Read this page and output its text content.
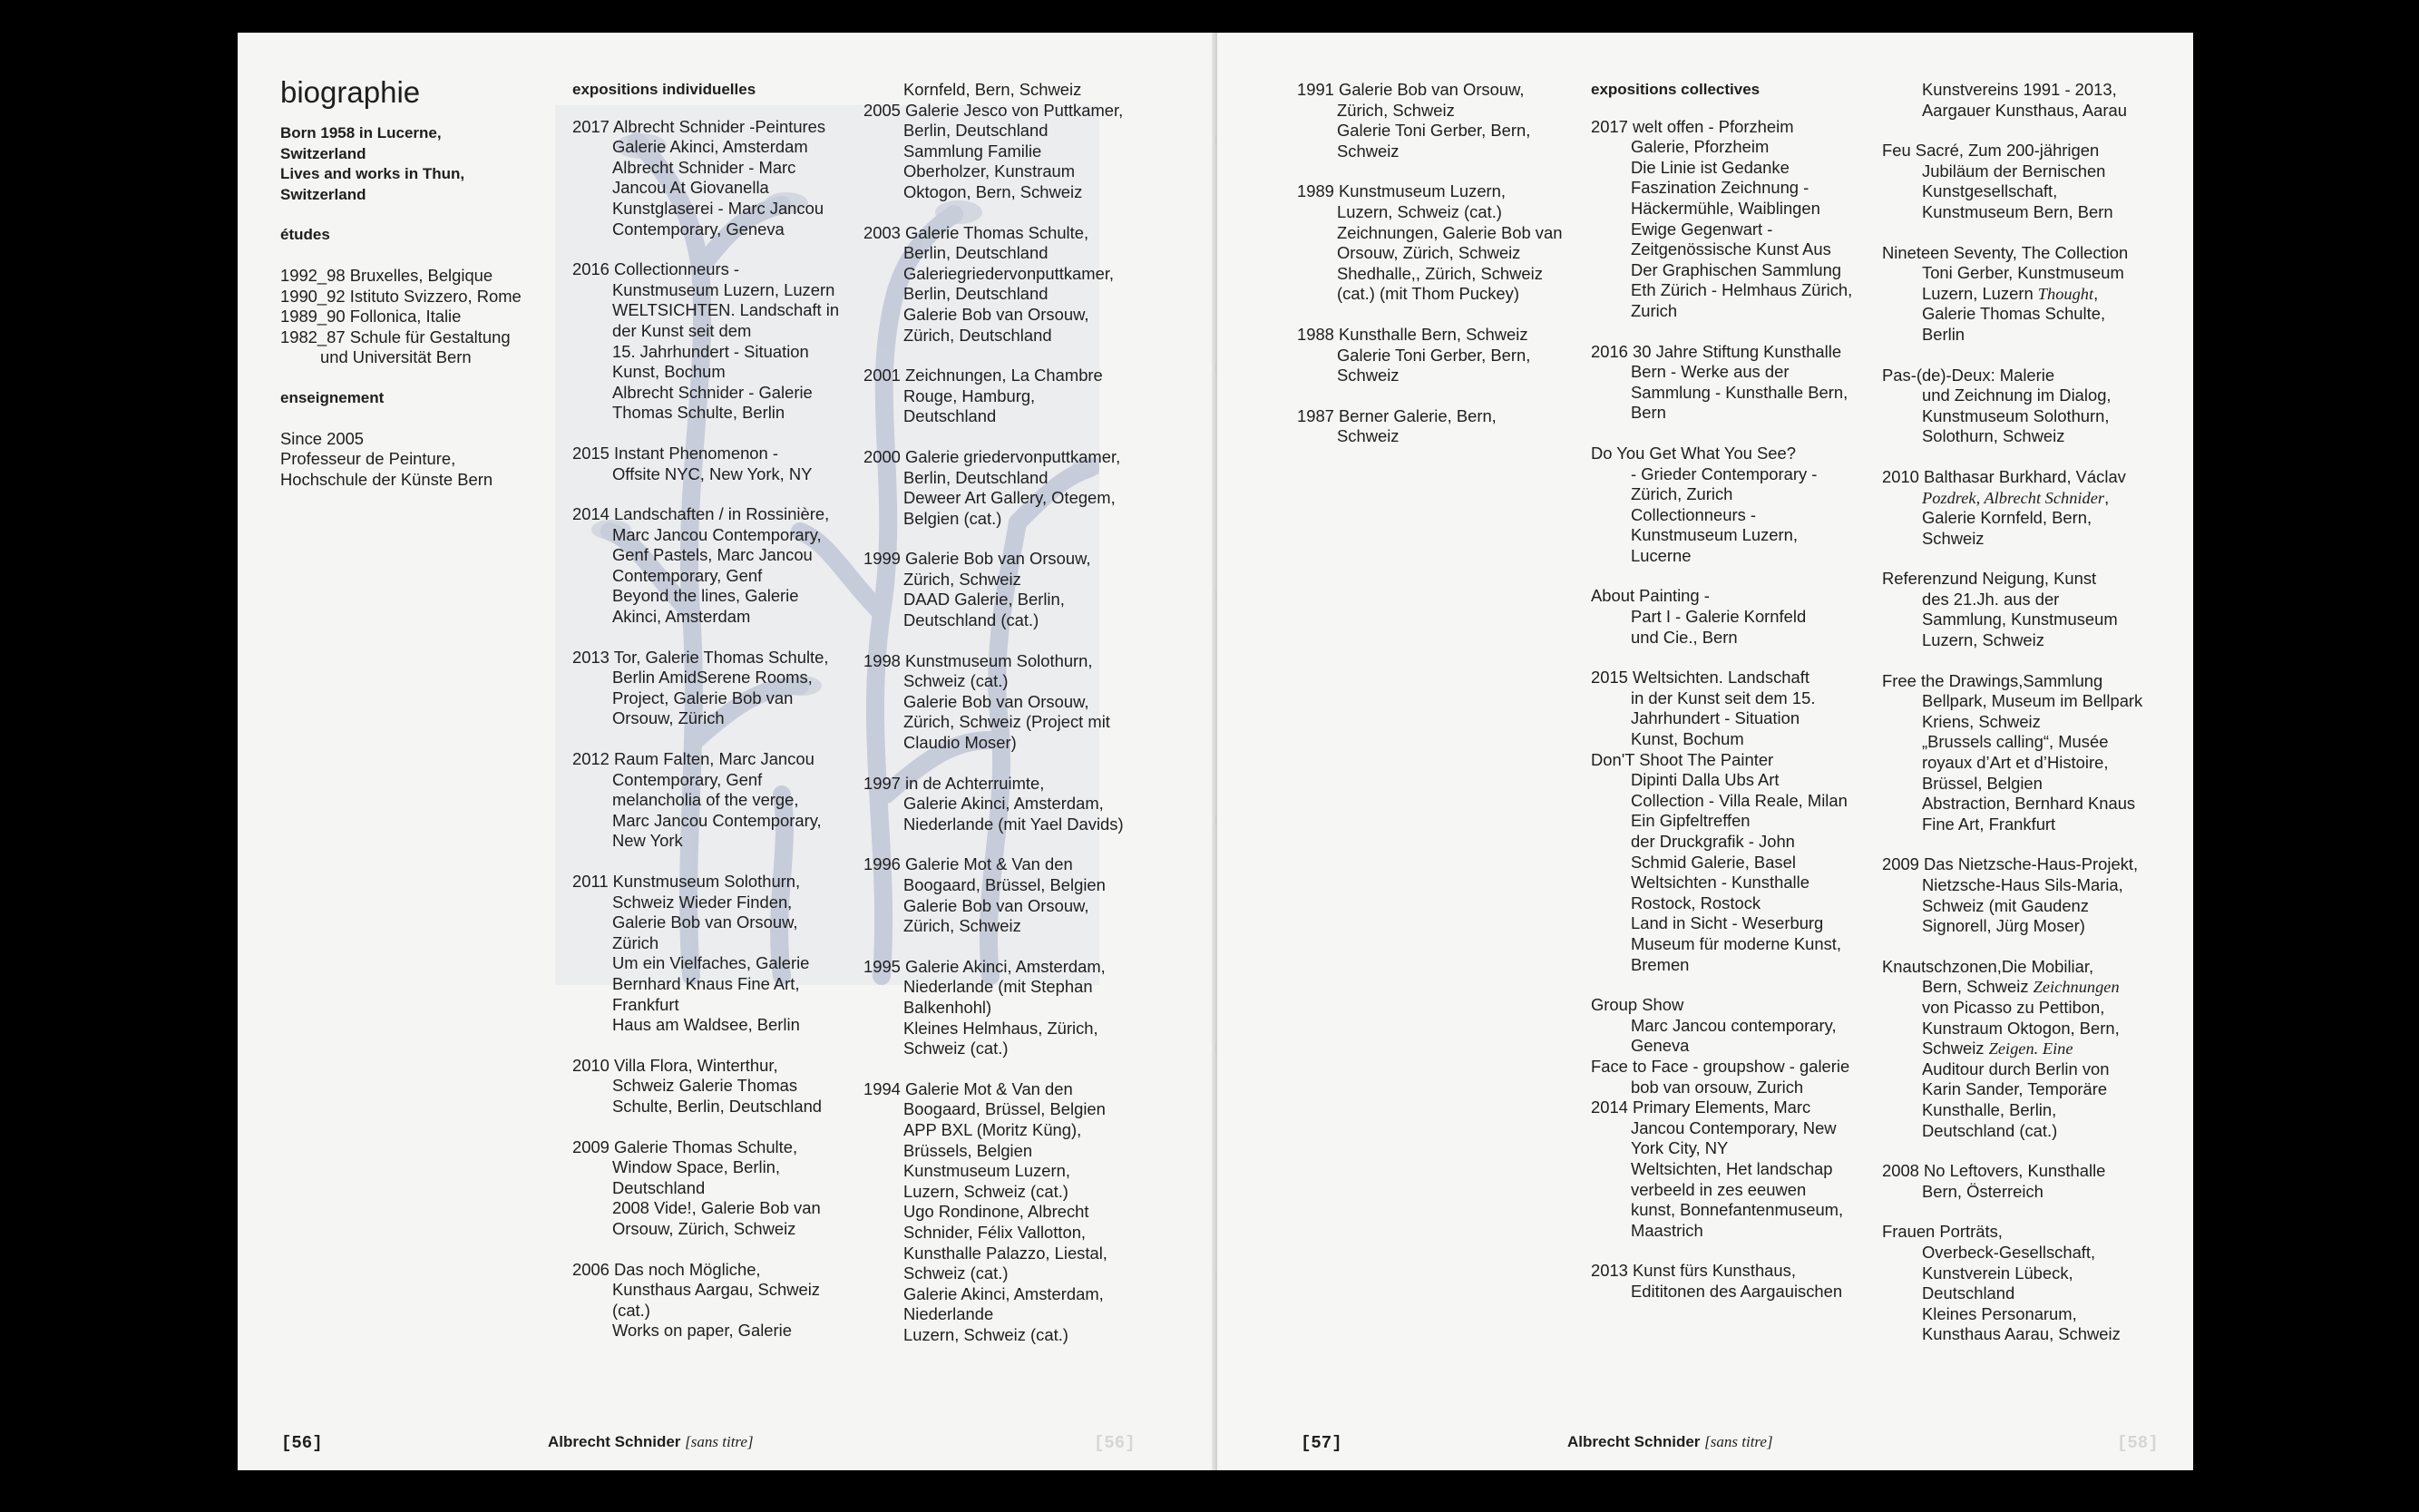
biographie
Born 1958 in Lucerne,
Switzerland
Lives and works in Thun,
Switzerland
études
1992_98 Bruxelles, Belgique
1990_92 Istituto Svizzero, Rome
1989_90 Follonica, Italie
1982_87 Schule für Gestaltung
und Universität Bern
enseignement
Since 2005
Professeur de Peinture,
Hochschule der Künste Bern
expositions individuelles
2017 Albrecht Schnider -Peintures
Galerie Akinci, Amsterdam
Albrecht Schnider - Marc
Jancou At Giovanella
Kunstglaserei - Marc Jancou
Contemporary, Geneva
2016 Collectionneurs -
Kunstmuseum Luzern, Luzern
WELTSICHTEN. Landschaft in
der Kunst seit dem
15. Jahrhundert - Situation
Kunst, Bochum
Albrecht Schnider - Galerie
Thomas Schulte, Berlin
2015 Instant Phenomenon -
Offsite NYC, New York, NY
2014 Landschaften / in Rossinière,
Marc Jancou Contemporary,
Genf Pastels, Marc Jancou
Contemporary, Genf
Beyond the lines, Galerie
Akinci, Amsterdam
2013 Tor, Galerie Thomas Schulte,
Berlin AmidSerene Rooms,
Project, Galerie Bob van
Orsouw, Zürich
2012 Raum Falten, Marc Jancou
Contemporary, Genf
melancholia of the verge,
Marc Jancou Contemporary,
New York
2011 Kunstmuseum Solothurn,
Schweiz Wieder Finden,
Galerie Bob van Orsouw,
Zürich
Um ein Vielfaches, Galerie
Bernhard Knaus Fine Art,
Frankfurt
Haus am Waldsee, Berlin
2010 Villa Flora, Winterthur,
Schweiz Galerie Thomas
Schulte, Berlin, Deutschland
2009 Galerie Thomas Schulte,
Window Space, Berlin,
Deutschland
2008 Vide!, Galerie Bob van
Orsouw, Zürich, Schweiz
2006 Das noch Mögliche,
Kunsthaus Aargau, Schweiz
(cat.)
Works on paper, Galerie
Kornfeld, Bern, Schweiz
2005 Galerie Jesco von Puttkamer,
Berlin, Deutschland
Sammlung Familie
Oberholzer, Kunstraum
Oktogon, Bern, Schweiz
2003 Galerie Thomas Schulte,
Berlin, Deutschland
Galeriegriedervonputtkamer,
Berlin, Deutschland
Galerie Bob van Orsouw,
Zürich, Deutschland
2001 Zeichnungen, La Chambre
Rouge, Hamburg,
Deutschland
2000 Galerie griedervonputtkamer,
Berlin, Deutschland
Deweer Art Gallery, Otegem,
Belgien (cat.)
1999 Galerie Bob van Orsouw,
Zürich, Schweiz
DAAD Galerie, Berlin,
Deutschland (cat.)
1998 Kunstmuseum Solothurn,
Schweiz (cat.)
Galerie Bob van Orsouw,
Zürich, Schweiz (Project mit
Claudio Moser)
1997 in de Achterruimte,
Galerie Akinci, Amsterdam,
Niederlande (mit Yael Davids)
1996 Galerie Mot & Van den
Boogaard, Brüssel, Belgien
Galerie Bob van Orsouw,
Zürich, Schweiz
1995 Galerie Akinci, Amsterdam,
Niederlande (mit Stephan
Balkenhohl)
Kleines Helmhaus, Zürich,
Schweiz (cat.)
1994 Galerie Mot & Van den
Boogaard, Brüssel, Belgien
APP BXL (Moritz Küng),
Brüssels, Belgien
Kunstmuseum Luzern,
Luzern, Schweiz (cat.)
Ugo Rondinone, Albrecht
Schnider, Félix Vallotton,
Kunsthalle Palazzo, Liestal,
Schweiz (cat.)
Galerie Akinci, Amsterdam,
Niederlande
Luzern, Schweiz (cat.)
[56]	Albrecht Schnider [sans titre]	[56]
1991 Galerie Bob van Orsouw,
Zürich, Schweiz
Galerie Toni Gerber, Bern,
Schweiz
1989 Kunstmuseum Luzern,
Luzern, Schweiz (cat.)
Zeichnungen, Galerie Bob van
Orsouw, Zürich, Schweiz
Shedhalle,, Zürich, Schweiz
(cat.) (mit Thom Puckey)
1988 Kunsthalle Bern, Schweiz
Galerie Toni Gerber, Bern,
Schweiz
1987 Berner Galerie, Bern,
Schweiz
expositions collectives
2017 welt offen - Pforzheim
Galerie, Pforzheim
Die Linie ist Gedanke
Faszination Zeichnung -
Häckermühle, Waiblingen
Ewige Gegenwart -
Zeitgenössische Kunst Aus
Der Graphischen Sammlung
Eth Zürich - Helmhaus Zürich,
Zurich
2016 30 Jahre Stiftung Kunsthalle
Bern - Werke aus der
Sammlung - Kunsthalle Bern,
Bern
Do You Get What You See?
- Grieder Contemporary -
Zürich, Zurich
Collectionneurs -
Kunstmuseum Luzern,
Lucerne
About Painting -
Part I - Galerie Kornfeld
und Cie., Bern
2015 Weltsichten. Landschaft
in der Kunst seit dem 15.
Jahrhundert - Situation
Kunst, Bochum
Don'T Shoot The Painter
Dipinti Dalla Ubs Art
Collection - Villa Reale, Milan
Ein Gipfeltreffen
der Druckgrafik - John
Schmid Galerie, Basel
Weltsichten - Kunsthalle
Rostock, Rostock
Land in Sicht - Weserburg
Museum für moderne Kunst,
Bremen
Group Show
Marc Jancou contemporary,
Geneva
Face to Face - groupshow - galerie
bob van orsouw, Zurich
2014 Primary Elements, Marc
Jancou Contemporary, New
York City, NY
Weltsichten, Het landschap
verbeeld in zes eeuwen
kunst, Bonnefantenmuseum,
Maastrich
2013 Kunst fürs Kunsthaus,
Edititonen des Aargauischen
Kunstvereins 1991 - 2013,
Aargauer Kunsthaus, Aarau
Feu Sacré, Zum 200-jährigen
Jubiläum der Bernischen
Kunstgesellschaft,
Kunstmuseum Bern, Bern
Nineteen Seventy, The Collection
Toni Gerber, Kunstmuseum
Luzern, Luzern Thought,
Galerie Thomas Schulte,
Berlin
Pas-(de)-Deux: Malerie
und Zeichnung im Dialog,
Kunstmuseum Solothurn,
Solothurn, Schweiz
2010 Balthasar Burkhard, Václav
Pozdrek, Albrecht Schnider,
Galerie Kornfeld, Bern,
Schweiz
Referenzund Neigung, Kunst
des 21.Jh. aus der
Sammlung, Kunstmuseum
Luzern, Schweiz
Free the Drawings,Sammlung
Bellpark, Museum im Bellpark
Kriens, Schweiz
„Brussels calling“, Musée
royaux d’Art et d’Histoire,
Brüssel, Belgien
Abstraction, Bernhard Knaus
Fine Art, Frankfurt
2009 Das Nietzsche-Haus-Projekt,
Nietzsche-Haus Sils-Maria,
Schweiz (mit Gaudenz
Signorell, Jürg Moser)
Knautschzonen,Die Mobiliar,
Bern, Schweiz Zeichnungen
von Picasso zu Pettibon,
Kunstraum Oktogon, Bern,
Schweiz Zeigen. Eine
Auditour durch Berlin von
Karin Sander, Temporäre
Kunsthalle, Berlin,
Deutschland (cat.)
2008 No Leftovers, Kunsthalle
Bern, Österreich
Frauen Porträts,
Overbeck-Gesellschaft,
Kunstverein Lübeck,
Deutschland
Kleines Personarum,
Kunsthaus Aarau, Schweiz
[57]	Albrecht Schnider [sans titre]	[58]
